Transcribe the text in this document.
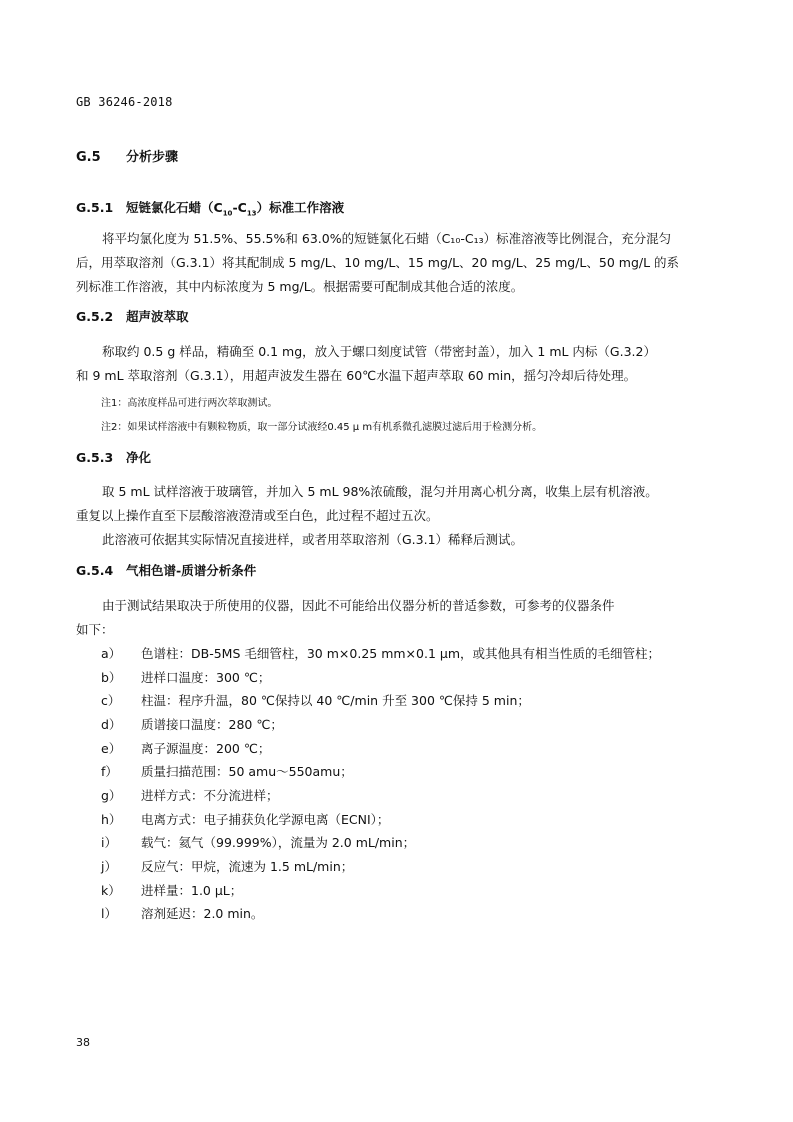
GB 36246-2018
G.5 分析步骤
G.5.1 短链氯化石蜡$(C_{10}-C_{13})$标准工作溶液
将平均氯化度为 51.5%、55.5%和 63.0%的短链氯化石蜡（C₁₀-C₁₃）标准溶液等比例混合，充分混匀
后，用萃取溶剂（G.3.1）将其配制成 5 mg/L、10 mg/L、15 mg/L、20 mg/L、25 mg/L、50 mg/L 的系
列标准工作溶液，其中内标浓度为 5 mg/L。根据需要可配制成其他合适的浓度。
G.5.2 超声波萃取
称取约 0.5 g 样品，精确至 0.1 mg，放入于螺口刻度试管（带密封盖），加入 1 mL 内标（G.3.2）
和 9 mL 萃取溶剂（G.3.1），用超声波发生器在 60℃水温下超声萃取 60 min，摇匀冷却后待处理。
注1：高浓度样品可进行两次萃取测试。
注2：如果试样溶液中有颗粒物质，取一部分试液经0.45 μ m有机系微孔滤膜过滤后用于检测分析。
G.5.3 净化
取 5 mL 试样溶液于玻璃管，并加入 5 mL 98%浓硫酸，混匀并用离心机分离，收集上层有机溶液。
重复以上操作直至下层酸溶液澄清或至白色，此过程不超过五次。
此溶液可依据其实际情况直接进样，或者用萃取溶剂（G.3.1）稀释后测试。
G.5.4 气相色谱-质谱分析条件
由于测试结果取决于所使用的仪器，因此不可能给出仪器分析的普适参数，可参考的仪器条件
如下：
a）	色谱柱：DB-5MS 毛细管柱，30 m×0.25 mm×0.1 μm，或其他具有相当性质的毛细管柱；
b）	进样口温度：300 ℃；
c）	柱温：程序升温，80 ℃保持以 40 ℃/min 升至 300 ℃保持 5 min；
d）	质谱接口温度：280 ℃；
e）	离子源温度：200 ℃；
f）	质量扫描范围：50 amu～550amu；
g）	进样方式：不分流进样；
h）	电离方式：电子捕获负化学源电离（ECNI）；
i）	载气：氦气（99.999%），流量为 2.0 mL/min；
j）	反应气：甲烷，流速为 1.5 mL/min；
k）	进样量：1.0 μL；
l）	溶剂延迟：2.0 min。
38
